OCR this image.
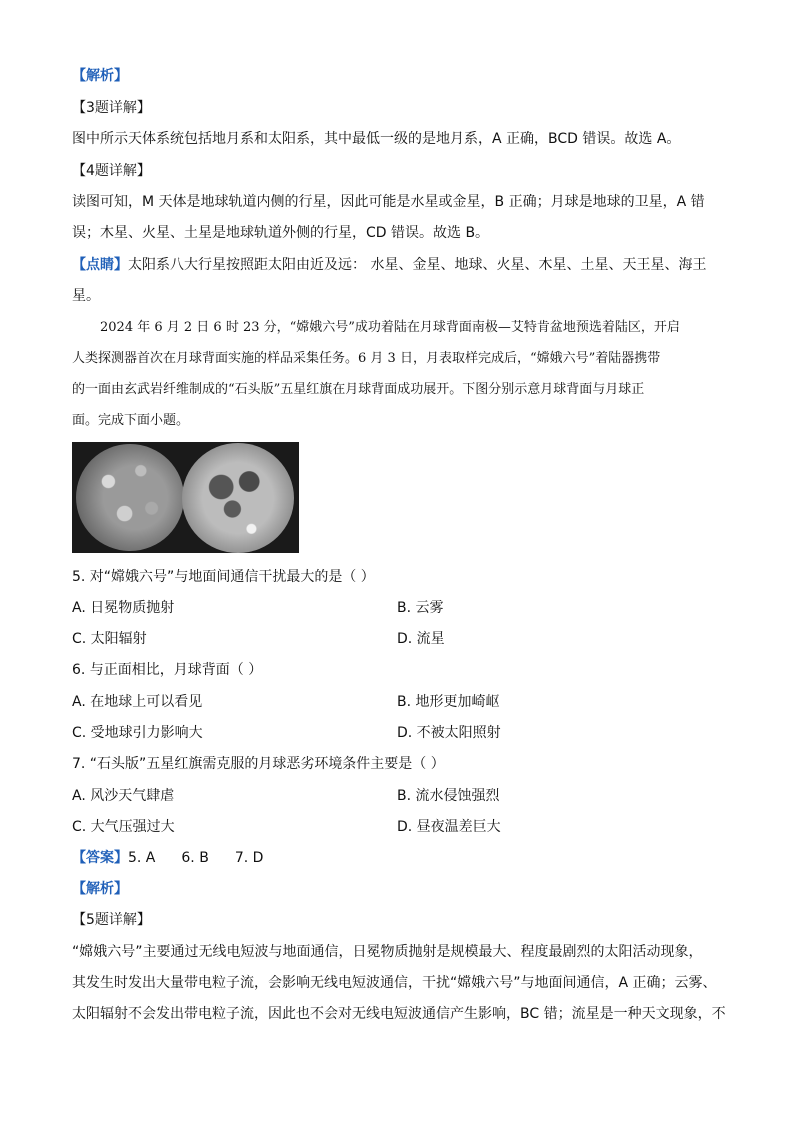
【解析】
【3题详解】
图中所示天体系统包括地月系和太阳系，其中最低一级的是地月系，A 正确，BCD 错误。故选 A。
【4题详解】
读图可知，M 天体是地球轨道内侧的行星，因此可能是水星或金星，B 正确；月球是地球的卫星，A 错
误；木星、火星、土星是地球轨道外侧的行星，CD 错误。故选 B。
【点睛】太阳系八大行星按照距太阳由近及远： 水星、金星、地球、火星、木星、土星、天王星、海王
星。
2024 年 6 月 2 日 6 时 23 分，“嫦娥六号”成功着陆在月球背面南极—艾特肯盆地预选着陆区，开启
人类探测器首次在月球背面实施的样品采集任务。6 月 3 日，月表取样完成后，“嫦娥六号”着陆器携带
的一面由玄武岩纤维制成的“石头版”五星红旗在月球背面成功展开。下图分别示意月球背面与月球正
面。完成下面小题。
5. 对“嫦娥六号”与地面间通信干扰最大的是（ ）
A. 日冕物质抛射	B. 云雾
C. 太阳辐射	D. 流星
6. 与正面相比，月球背面（ ）
A. 在地球上可以看见	B. 地形更加崎岖
C. 受地球引力影响大	D. 不被太阳照射
7. “石头版”五星红旗需克服的月球恶劣环境条件主要是（ ）
A. 风沙天气肆虐	B. 流水侵蚀强烈
C. 大气压强过大	D. 昼夜温差巨大
【答案】5. A 6. B 7. D
【解析】
【5题详解】
“嫦娥六号”主要通过无线电短波与地面通信，日冕物质抛射是规模最大、程度最剧烈的太阳活动现象，
其发生时发出大量带电粒子流，会影响无线电短波通信，干扰“嫦娥六号”与地面间通信，A 正确；云雾、
太阳辐射不会发出带电粒子流，因此也不会对无线电短波通信产生影响，BC 错；流星是一种天文现象，不
